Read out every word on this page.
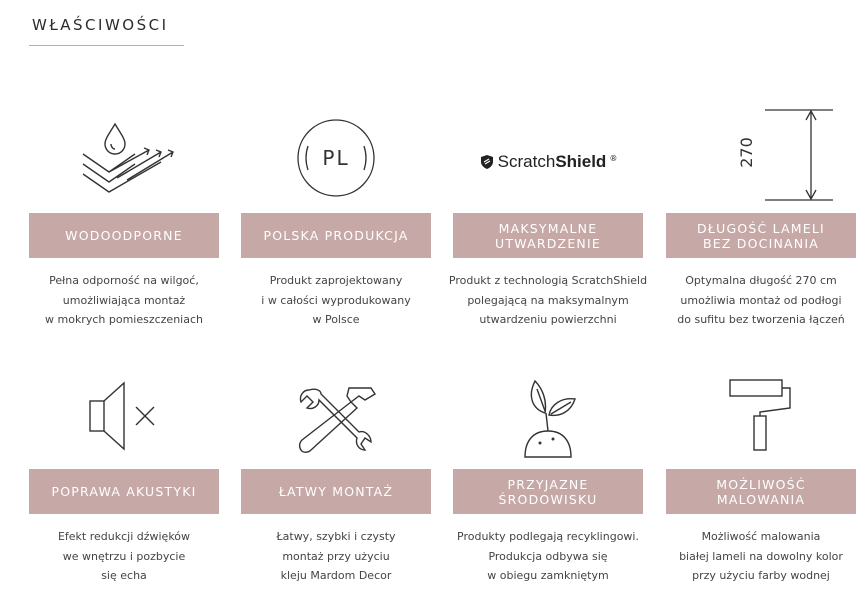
WŁAŚCIWOŚCI
WODOODPORNE
Pełna odporność na wilgoć,
umożliwiająca montaż
w mokrych pomieszczeniach
PL
POLSKA PRODUKCJA
Produkt zaprojektowany
i w całości wyprodukowany
w Polsce
Scratch Shield ®
MAKSYMALNE
UTWARDZENIE
Produkt z technologią ScratchShield
polegającą na maksymalnym
utwardzeniu powierzchni
270
DŁUGOŚĆ LAMELI
BEZ DOCINANIA
Optymalna długość 270 cm
umożliwia montaż od podłogi
do sufitu bez tworzenia łączeń
POPRAWA AKUSTYKI
Efekt redukcji dźwięków
we wnętrzu i pozbycie
się echa
ŁATWY MONTAŻ
Łatwy, szybki i czysty
montaż przy użyciu
kleju Mardom Decor
PRZYJAZNE
ŚRODOWISKU
Produkty podlegają recyklingowi.
Produkcja odbywa się
w obiegu zamkniętym
MOŻLIWOŚĆ
MALOWANIA
Możliwość malowania
białej lameli na dowolny kolor
przy użyciu farby wodnej
